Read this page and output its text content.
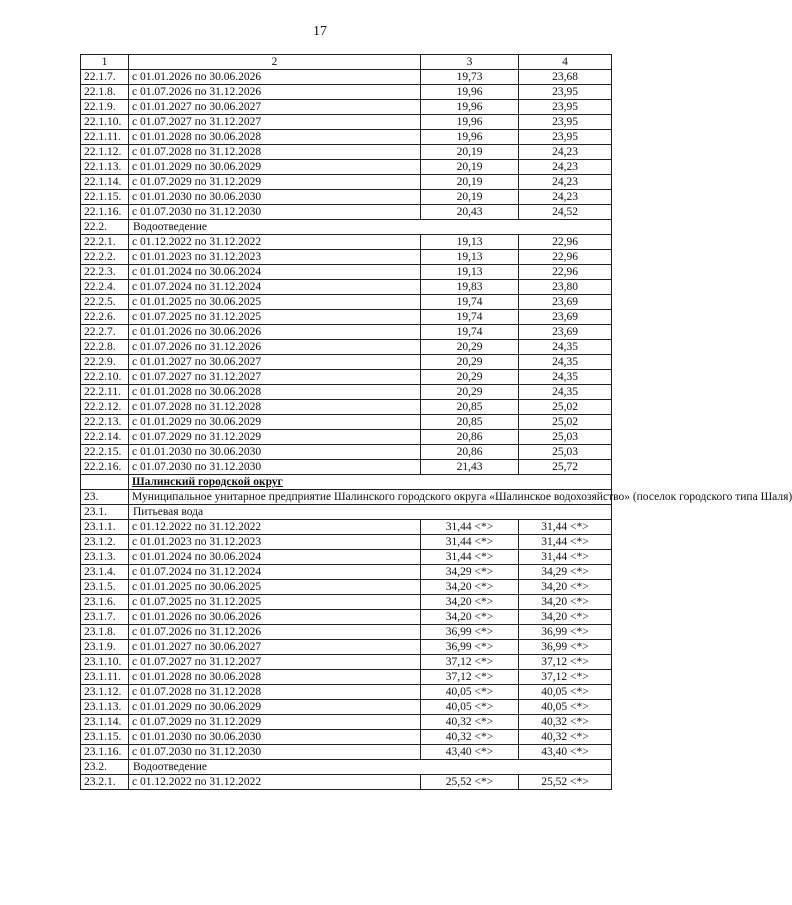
17
1	2	3	4
22.1.7.	с 01.01.2026 по 30.06.2026	19,73	23,68
22.1.8.	с 01.07.2026 по 31.12.2026	19,96	23,95
22.1.9.	с 01.01.2027 по 30.06.2027	19,96	23,95
22.1.10.	с 01.07.2027 по 31.12.2027	19,96	23,95
22.1.11.	с 01.01.2028 по 30.06.2028	19,96	23,95
22.1.12.	с 01.07.2028 по 31.12.2028	20,19	24,23
22.1.13.	с 01.01.2029 по 30.06.2029	20,19	24,23
22.1.14.	с 01.07.2029 по 31.12.2029	20,19	24,23
22.1.15.	с 01.01.2030 по 30.06.2030	20,19	24,23
22.1.16.	с 01.07.2030 по 31.12.2030	20,43	24,52
22.2.	Водоотведение		
22.2.1.	с 01.12.2022 по 31.12.2022	19,13	22,96
22.2.2.	с 01.01.2023 по 31.12.2023	19,13	22,96
22.2.3.	с 01.01.2024 по 30.06.2024	19,13	22,96
22.2.4.	с 01.07.2024 по 31.12.2024	19,83	23,80
22.2.5.	с 01.01.2025 по 30.06.2025	19,74	23,69
22.2.6.	с 01.07.2025 по 31.12.2025	19,74	23,69
22.2.7.	с 01.01.2026 по 30.06.2026	19,74	23,69
22.2.8.	с 01.07.2026 по 31.12.2026	20,29	24,35
22.2.9.	с 01.01.2027 по 30.06.2027	20,29	24,35
22.2.10.	с 01.07.2027 по 31.12.2027	20,29	24,35
22.2.11.	с 01.01.2028 по 30.06.2028	20,29	24,35
22.2.12.	с 01.07.2028 по 31.12.2028	20,85	25,02
22.2.13.	с 01.01.2029 по 30.06.2029	20,85	25,02
22.2.14.	с 01.07.2029 по 31.12.2029	20,86	25,03
22.2.15.	с 01.01.2030 по 30.06.2030	20,86	25,03
22.2.16.	с 01.07.2030 по 31.12.2030	21,43	25,72
	Шалинский городской округ		
23.	Муниципальное унитарное предприятие Шалинского городского округа «Шалинское водохозяйство» (поселок городского типа Шаля)		
23.1.	Питьевая вода		
23.1.1.	с 01.12.2022 по 31.12.2022	31,44 <*>	31,44 <*>
23.1.2.	с 01.01.2023 по 31.12.2023	31,44 <*>	31,44 <*>
23.1.3.	с 01.01.2024 по 30.06.2024	31,44 <*>	31,44 <*>
23.1.4.	с 01.07.2024 по 31.12.2024	34,29 <*>	34,29 <*>
23.1.5.	с 01.01.2025 по 30.06.2025	34,20 <*>	34,20 <*>
23.1.6.	с 01.07.2025 по 31.12.2025	34,20 <*>	34,20 <*>
23.1.7.	с 01.01.2026 по 30.06.2026	34,20 <*>	34,20 <*>
23.1.8.	с 01.07.2026 по 31.12.2026	36,99 <*>	36,99 <*>
23.1.9.	с 01.01.2027 по 30.06.2027	36,99 <*>	36,99 <*>
23.1.10.	с 01.07.2027 по 31.12.2027	37,12 <*>	37,12 <*>
23.1.11.	с 01.01.2028 по 30.06.2028	37,12 <*>	37,12 <*>
23.1.12.	с 01.07.2028 по 31.12.2028	40,05 <*>	40,05 <*>
23.1.13.	с 01.01.2029 по 30.06.2029	40,05 <*>	40,05 <*>
23.1.14.	с 01.07.2029 по 31.12.2029	40,32 <*>	40,32 <*>
23.1.15.	с 01.01.2030 по 30.06.2030	40,32 <*>	40,32 <*>
23.1.16.	с 01.07.2030 по 31.12.2030	43,40 <*>	43,40 <*>
23.2.	Водоотведение		
23.2.1.	с 01.12.2022 по 31.12.2022	25,52 <*>	25,52 <*>
